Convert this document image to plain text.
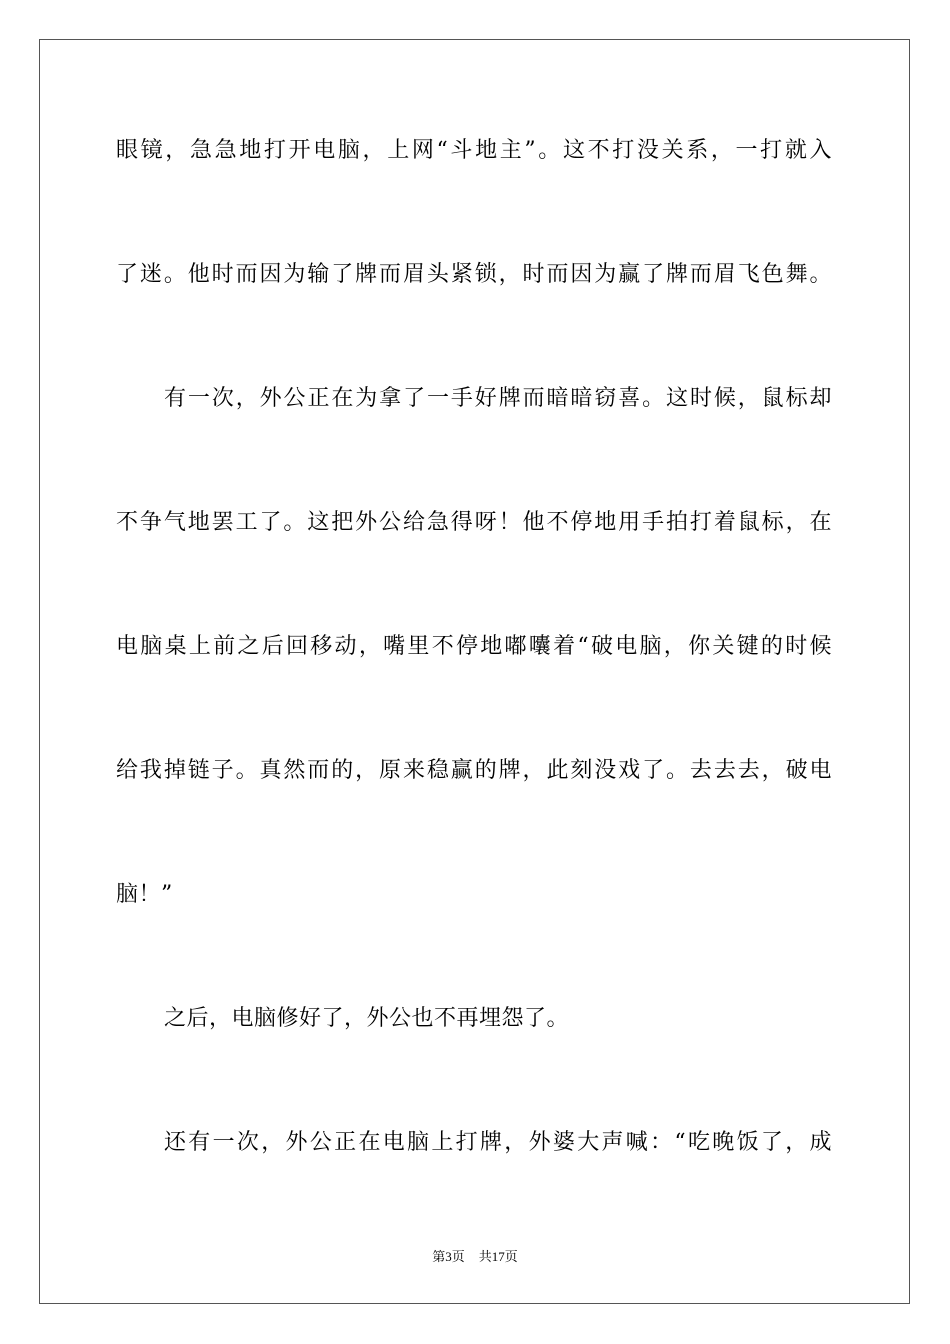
眼镜，急急地打开电脑，上网“斗地主”。这不打没关系，一打就入
了迷。他时而因为输了牌而眉头紧锁，时而因为赢了牌而眉飞色舞。
有一次，外公正在为拿了一手好牌而暗暗窃喜。这时候，鼠标却
不争气地罢工了。这把外公给急得呀！他不停地用手拍打着鼠标，在
电脑桌上前之后回移动，嘴里不停地嘟囔着“破电脑，你关键的时候
给我掉链子。真然而的，原来稳赢的牌，此刻没戏了。去去去，破电
脑！”
之后，电脑修好了，外公也不再埋怨了。
还有一次，外公正在电脑上打牌，外婆大声喊：“吃晚饭了，成
第3页 共17页
